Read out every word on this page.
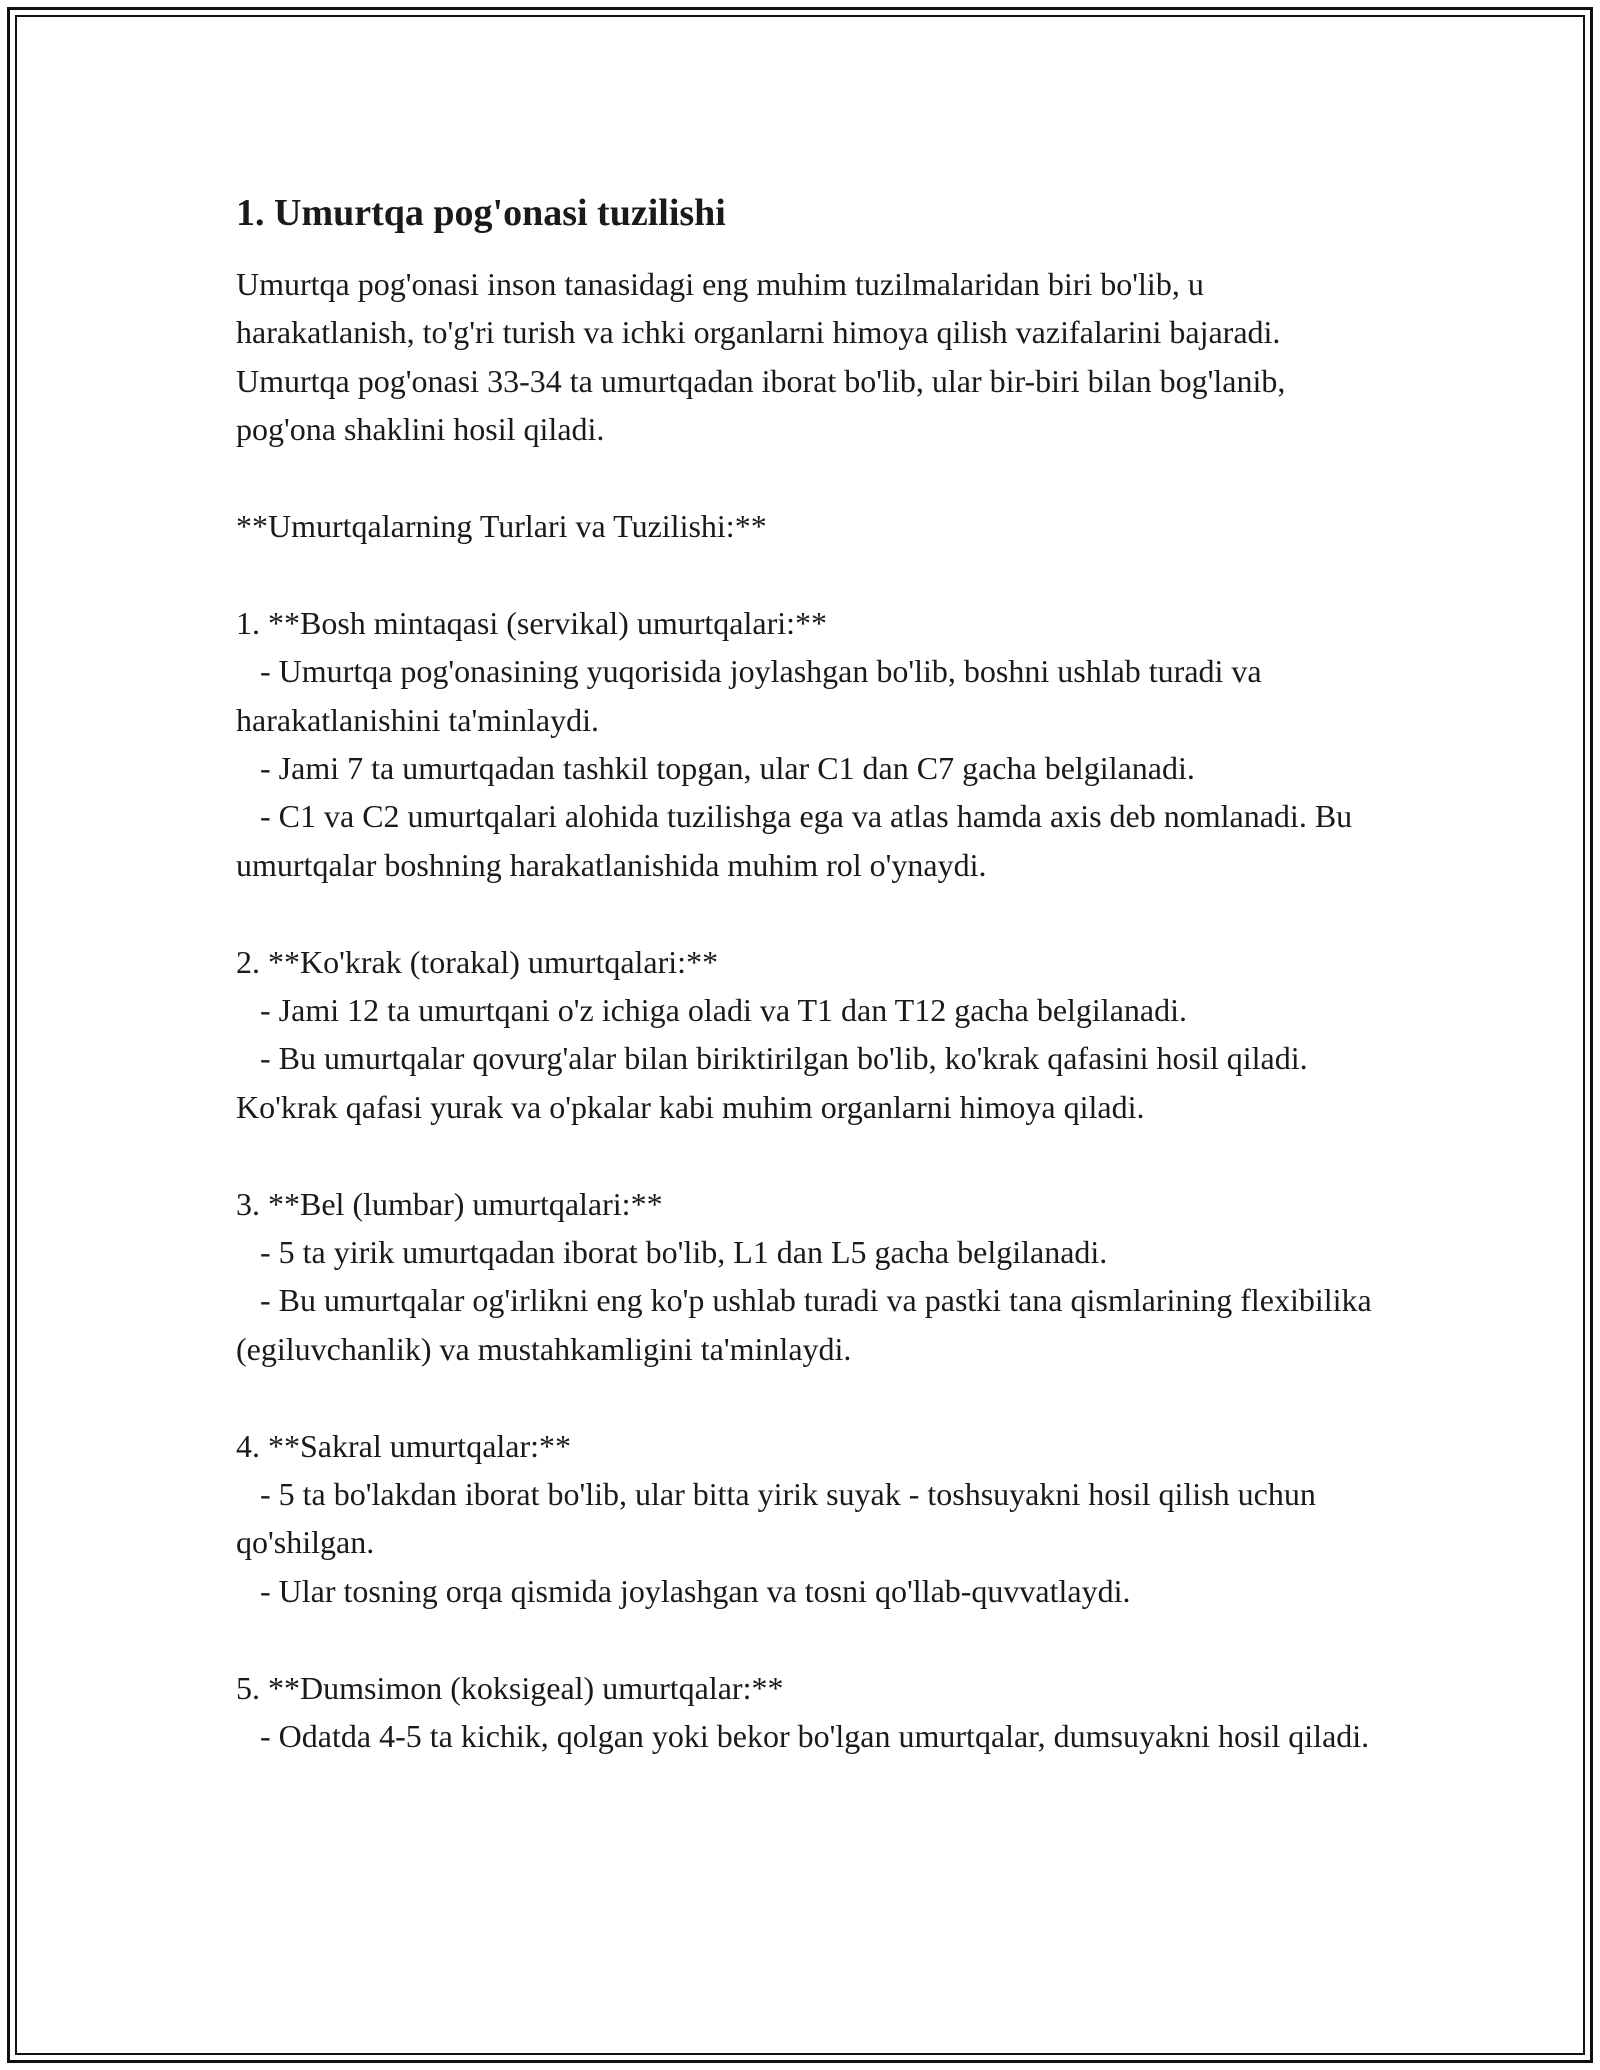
1. Umurtqa pog'onasi tuzilishi

Umurtqa pog'onasi inson tanasidagi eng muhim tuzilmalaridan biri bo'lib, u harakatlanish, to'g'ri turish va ichki organlarni himoya qilish vazifalarini bajaradi. Umurtqa pog'onasi 33-34 ta umurtqadan iborat bo'lib, ular bir-biri bilan bog'lanib, pog'ona shaklini hosil qiladi.

**Umurtqalarning Turlari va Tuzilishi:**

1. **Bosh mintaqasi (servikal) umurtqalari:**

- Umurtqa pog'onasining yuqorisida joylashgan bo'lib, boshni ushlab turadi va harakatlanishini ta'minlaydi.

- Jami 7 ta umurtqadan tashkil topgan, ular C1 dan C7 gacha belgilanadi.

- C1 va C2 umurtqalari alohida tuzilishga ega va atlas hamda axis deb nomlanadi. Bu umurtqalar boshning harakatlanishida muhim rol o'ynaydi.

2. **Ko'krak (torakal) umurtqalari:**

- Jami 12 ta umurtqani o'z ichiga oladi va T1 dan T12 gacha belgilanadi.

- Bu umurtqalar qovurg'alar bilan biriktirilgan bo'lib, ko'krak qafasini hosil qiladi. Ko'krak qafasi yurak va o'pkalar kabi muhim organlarni himoya qiladi.

3. **Bel (lumbar) umurtqalari:**

- 5 ta yirik umurtqadan iborat bo'lib, L1 dan L5 gacha belgilanadi.

- Bu umurtqalar og'irlikni eng ko'p ushlab turadi va pastki tana qismlarining flexibilika (egiluvchanlik) va mustahkamligini ta'minlaydi.

4. **Sakral umurtqalar:**

- 5 ta bo'lakdan iborat bo'lib, ular bitta yirik suyak - toshsuyakni hosil qilish uchun qo'shilgan.

- Ular tosning orqa qismida joylashgan va tosni qo'llab-quvvatlaydi.

5. **Dumsimon (koksigeal) umurtqalar:**

- Odatda 4-5 ta kichik, qolgan yoki bekor bo'lgan umurtqalar, dumsuyakni hosil qiladi.
